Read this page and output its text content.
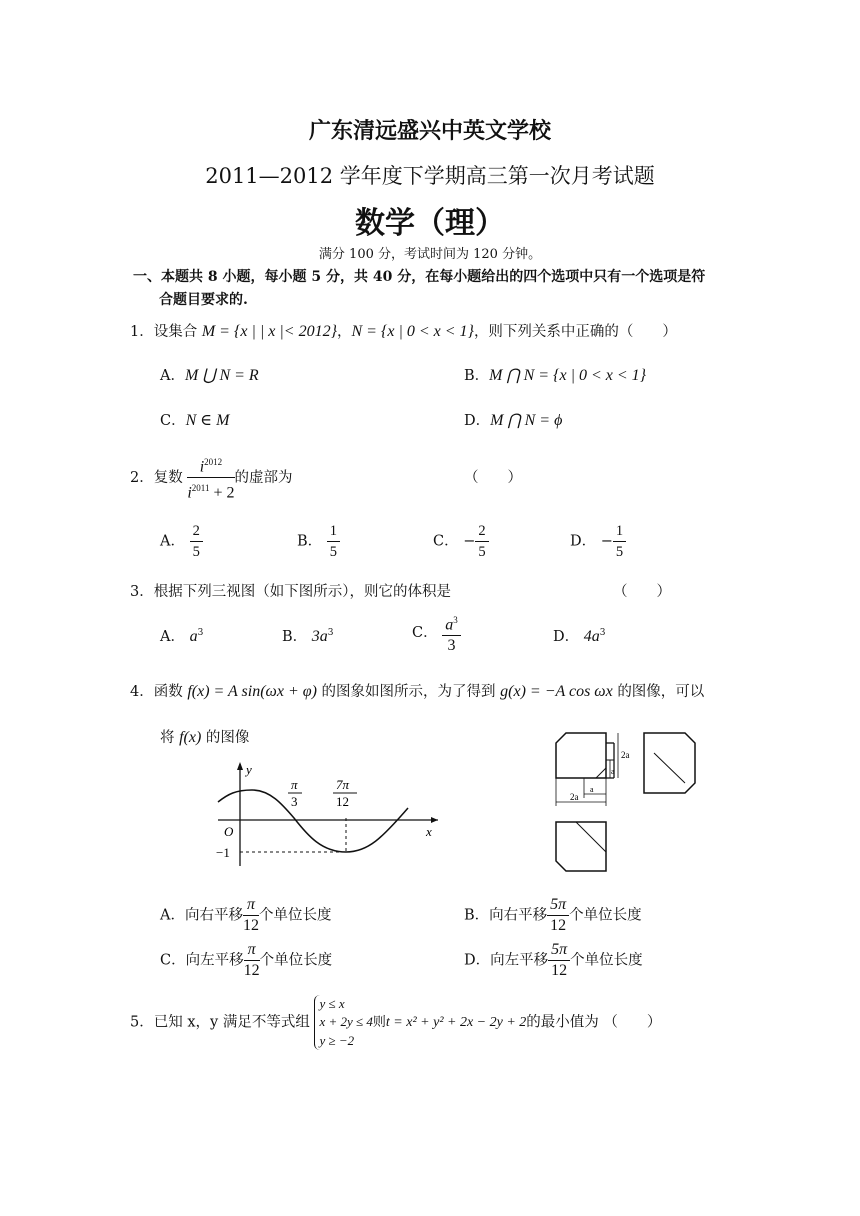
广东清远盛兴中英文学校
2011—2012 学年度下学期高三第一次月考试题
数学（理）
满分 100 分，考试时间为 120 分钟。
一、本题共 8 小题，每小题 5 分，共 40 分，在每小题给出的四个选项中只有一个选项是符
合题目要求的.
1．设集合 M = {x | | x |< 2012}，N = {x | 0 < x < 1}，则下列关系中正确的（　　）
A．M ⋃ N = R	B．M ⋂ N = {x | 0 < x < 1}
C．N ∈ M	D．M ⋂ N = ϕ
2．复数 $\frac{i^{2012}}{i^{2011} + 2}$ 的虚部为	（　　）
A． $\frac{2}{5}$	B． $\frac{1}{5}$	C． − $\frac{2}{5}$	D． − $\frac{1}{5}$
3．根据下列三视图（如下图所示），则它的体积是	（　　）
A． $a^3$	B． $3a^3$	C． $\frac{a^3}{3}$	D． $4a^3$
4．函数 f(x) = A sin(ωx + φ) 的图象如图所示，为了得到 g(x) = −A cos ωx 的图像，可以
将 f(x) 的图像
y
x
O
−1
π
3
7π
12
2a
a
a
2a
A．向右平移 $\frac{\pi}{12}$ 个单位长度	B．向右平移 $\frac{5\pi}{12}$ 个单位长度
C．向左平移 $\frac{\pi}{12}$ 个单位长度	D．向左平移 $\frac{5\pi}{12}$ 个单位长度
5．已知 x，y 满足不等式组
y ≤ x
x + 2y ≤ 4则t = x² + y² + 2x − 2y + 2
y ≥ −2
的最小值为 （　　）
